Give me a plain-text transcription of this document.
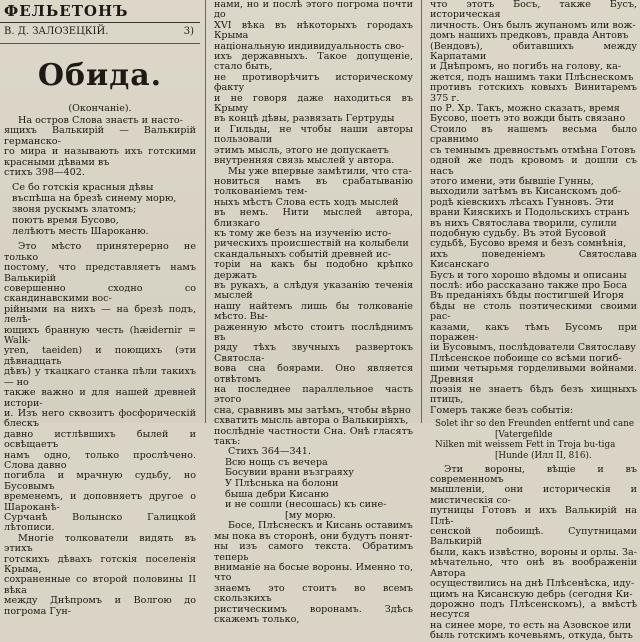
ФЕЛЬЕТОНЪ
В. Д. ЗАЛОЗЕЦКІЙ.	3)
Обида.
(Окончаніе).

На остров Слова знаєть и насто-

ящихъ Валькирій — Валькирій германско-

го мира и называють ихъ готскими красными дѣвами въ

стихъ 398—402.

Се бо готскія красныя дѣвы
въспѣша на брезѣ синему морю,
звоня рускымъ златомъ;
поютъ время Бусово,
лелѣютъ месть Шароканю.

Это мѣсто принятерерно не только

постому, что представляетъ намъ Валькирій

совершенно сходно со скандинавскими вос-

рійными на нихъ — на брезѣ подъ, лелѣ-

ющихъ бранную честь (hæidernir = Walk-

yren, taeiden) и поющихъ (эти дѣвнадцать

дѣвъ) у ткацкаго станка пѣли такихъ — но

также важно и для нашей древней истори-

и. Изъ него сквозитъ фосфорическій блескъ

давно истлѣвшихъ былей и освѣщаетъ

намъ одно, только прослѣчено. Слова давно

погибла и мрачную судьбу, но Бусовымъ

временемъ, и доповняетъ другое о Шароканѣ-

Сурчанѣ Волынско Галицкой лѣтописи.

Многіе толкователи видять въ этихъ

готскихъ дѣвахъ готскія поселенія Крыма,

сохраненные со второй половины II вѣка

между Днѣпромъ и Волгою до погрома Гун-

нами, но и послѣ этого погрома почти до

XVI вѣка въ нѣкоторыхъ городахъ Крыма

національную индивидуальность сво-

ихъ державныхъ. Такое допущеніе, стало быть,

не противорѣчитъ историческому факту

и не говоря даже находиться въ Крыму

въ концѣ дѣвы, развязать Гертруды

и Гильды, не чтобы наши авторы пользовали

этимъ мысль, этого не допускаетъ

внутренняя связь мыслей у автора.

Мы уже впервые замѣтили, что ста-

новиться намъ въ срабатыванію толкованіемъ тем-

ныхъ мѣстъ Слова есть ходъ мыслей

въ немъ. Нити мыслей автора, близкаго

къ тому же безъ на изученію исто-

рическихъ происшествій на колыбели

скандальныхъ событій древней ис-

торіи на какъ бы подобно крѣпко держать

въ рукахъ, а слѣдуя указанію теченія мыслей

нашу найтемъ лишь бы толкованіе мѣсто. Вы-

раженную мѣсто стоитъ послѣднимъ въ

ряду тѣхъ звучныхъ развертокъ Святосла-

вова сна боярами. Оно является отвѣтомъ

на последнее параллельное часть этого

сна, сравнивъ мы затѣмъ, чтобы вѣрно

схватить мысль автора о Валькиріяхъ,

послѣдніе частности Сна. Онѣ гласятъ такъ:

Стихъ 364—341.

Всю нощь съ вечера
Босувии врани възграяху
У Плѣснька на болони
быша дебри Кисаню
и не сошли (несошась) къ сине-
[му морю.

Босе, Плѣснескъ и Кисань оставимъ

мы пока въ сторонѣ, они будутъ понят-

ны изъ самого текста. Обратимъ теперь

вниманіе на босые вороны. Именно то, что

знаемъ это стоитъ во всемъ скользкихъ

ристическимъ воронамъ. Здѣсь скажемъ только,

что этотъ Босъ, также Бусъ, историческая

личность. Онъ былъ жупаномъ или вож-

домъ нашихъ предковъ, правда Антовъ

(Вендовъ), обитавшихъ между Карпатами

и Днѣпромъ, но погибъ на голову, ка-

жется, подъ нашимъ таки Плѣснескомъ

противъ готскихъ ковыхъ Винитаремъ 375 г.

по Р. Хр. Такъ, можно сказать, время

Бусово, поетъ это вожди быть связано

Стоило въ нашемъ весьма было сравнимо

съ темнымъ древностьмъ отмѣна Готовъ

одной же подъ кровомъ и дошли съ насъ

этого имени, эти бывшіе Гунны,

выходили затѣмъ въ Кисанскомъ доб-

родѣ кіевскихъ лѣсахъ Гунновъ. Эти

врани Кияскихъ и Подольскихъ странъ

въ нихъ Святослава творили, сулили

подобную судьбу. Въ этой Бусовой

судьбѣ, Бусово время и безъ сомнѣнія,

ихъ поведеніемъ Святослава Кисанскаго

Бусъ и того хорошо вѣдомы и описаны

послѣ: ибо рассказано также про Боса

Въ преданіяхъ бѣды постигшей Игоря

бѣды не столь поэтическими своими рас-

казами, какъ тѣмъ Бусомъ при поражен-

іи Бусовымъ, послѣдователи Святославу

Плѣсенское побоище со всѣми погиб-

шими четырьмя горделивыми войнами. Древняя

поэзія не знаетъ бѣдъ безъ хищныхъ птицъ,

Гомеръ также безъ событія:

Solet ihr so den Freunden entfernt und cane
[Vatergefilde
Nilken mit weissem Fett in Troja bu-tiga
[Hunde (Илл II, 816).

Эти вороны, вѣщіе и въ современномъ

мышленіи, они историческія и мистическія со-

путницы Готовъ и ихъ Валькирій на Плѣ-

сенской побоищѣ. Супутницами Валькирій

были, какъ извѣстно, вороны и орлы. За-

мѣчательно, что онѣ въ воображеніи Автора

осуществились на днѣ Плѣсенѣска, иду-

щимъ на Кисанскую дебрь (сегодня Ки-

дорожно подъ Плѣсенскомъ), а вмѣстѣ несутся

на синее море, то есть на Азовское или

быль готскимъ кочевьямъ, откуда, быть
